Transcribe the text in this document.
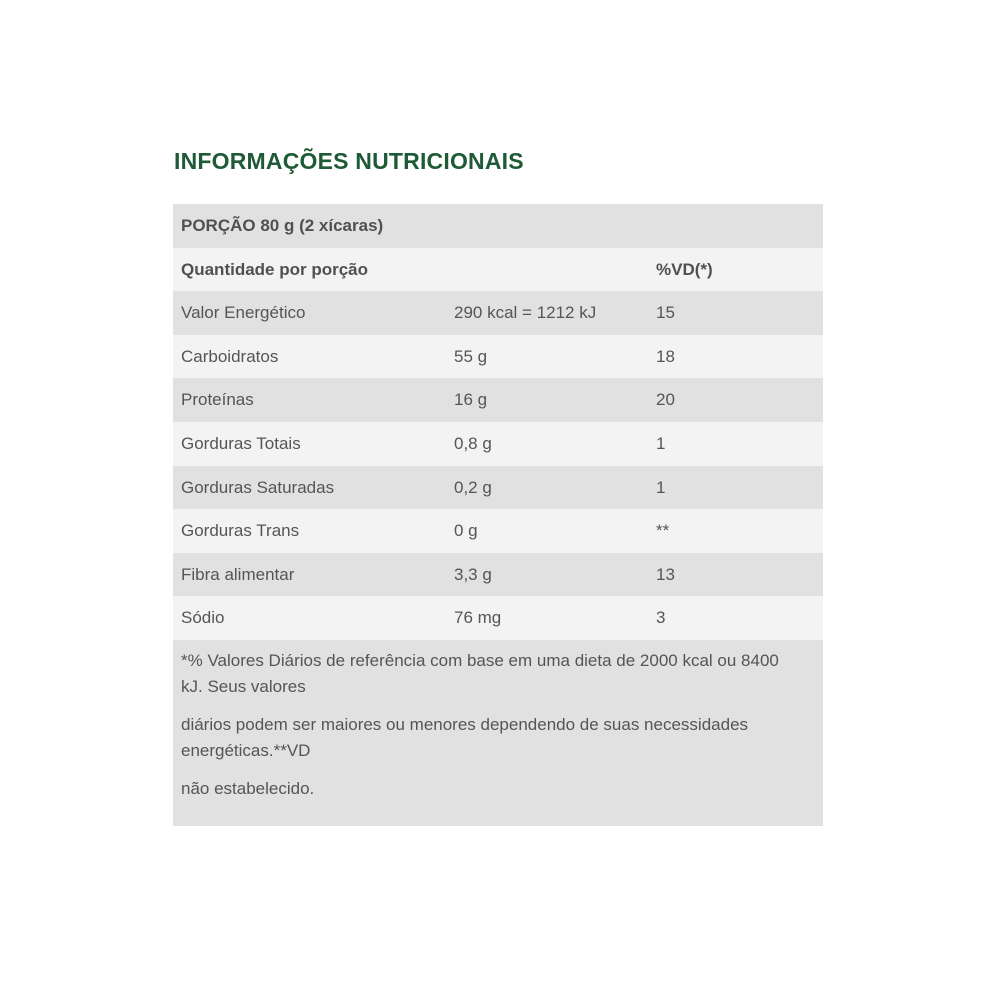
INFORMAÇÕES NUTRICIONAIS
PORÇÃO 80 g (2 xícaras)
Quantidade por porção	%VD(*)
Valor Energético	290 kcal = 1212 kJ	15
Carboidratos	55 g	18
Proteínas	16 g	20
Gorduras Totais	0,8 g	1
Gorduras Saturadas	0,2 g	1
Gorduras Trans	0 g	**
Fibra alimentar	3,3 g	13
Sódio	76 mg	3

*% Valores Diários de referência com base em uma dieta de 2000 kcal ou 8400 kJ. Seus valores

diários podem ser maiores ou menores dependendo de suas necessidades energéticas.**VD

não estabelecido.
